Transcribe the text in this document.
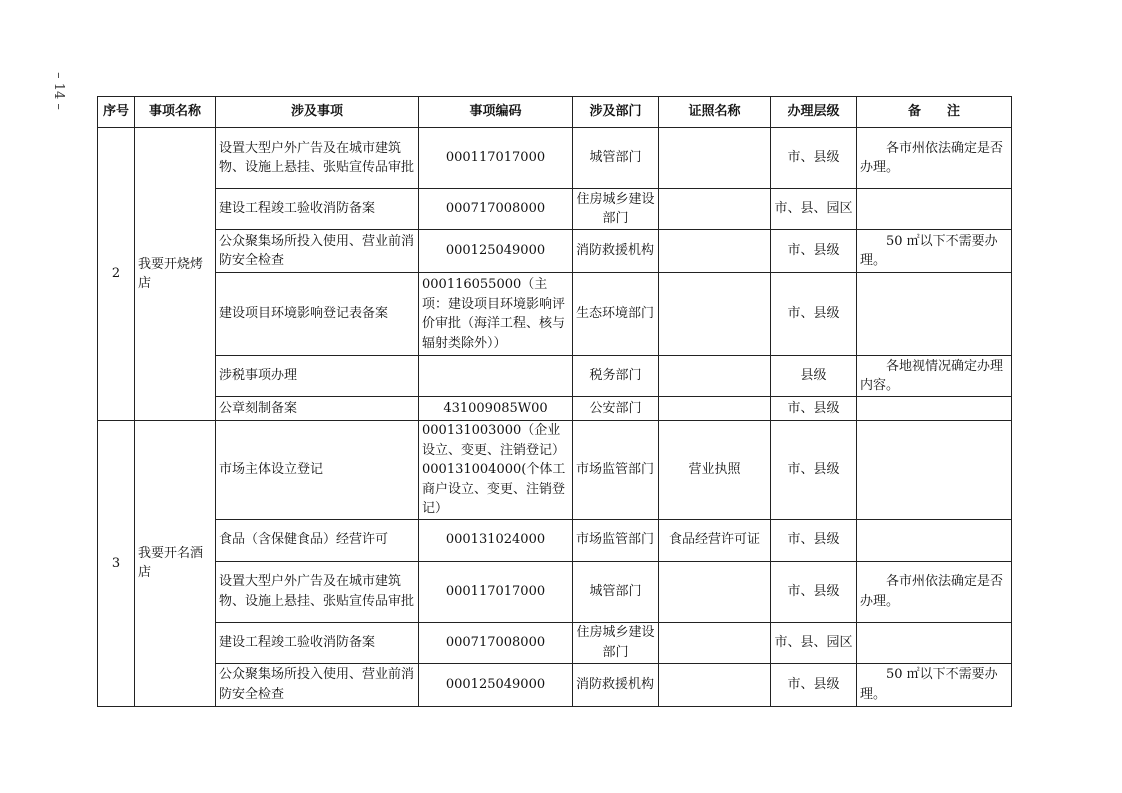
– 14 –
序号	事项名称	涉及事项	事项编码	涉及部门	证照名称	办理层级	备　　注
2	我要开烧烤店	设置大型户外广告及在城市建筑物、设施上悬挂、张贴宣传品审批	000117017000	城管部门		市、县级	各市州依法确定是否办理。
		建设工程竣工验收消防备案	000717008000	住房城乡建设部门		市、县、园区	
		公众聚集场所投入使用、营业前消防安全检查	000125049000	消防救援机构		市、县级	50 ㎡以下不需要办理。
		建设项目环境影响登记表备案	000116055000（主项：建设项目环境影响评价审批（海洋工程、核与辐射类除外））	生态环境部门		市、县级	
		涉税事项办理		税务部门		县级	各地视情况确定办理内容。
		公章刻制备案	431009085W00	公安部门		市、县级	
3	我要开名酒店	市场主体设立登记	000131003000（企业设立、变更、注销登记）000131004000(个体工商户设立、变更、注销登记）	市场监管部门	营业执照	市、县级	
		食品（含保健食品）经营许可	000131024000	市场监管部门	食品经营许可证	市、县级	
		设置大型户外广告及在城市建筑物、设施上悬挂、张贴宣传品审批	000117017000	城管部门		市、县级	各市州依法确定是否办理。
		建设工程竣工验收消防备案	000717008000	住房城乡建设部门		市、县、园区	
		公众聚集场所投入使用、营业前消防安全检查	000125049000	消防救援机构		市、县级	50 ㎡以下不需要办理。
